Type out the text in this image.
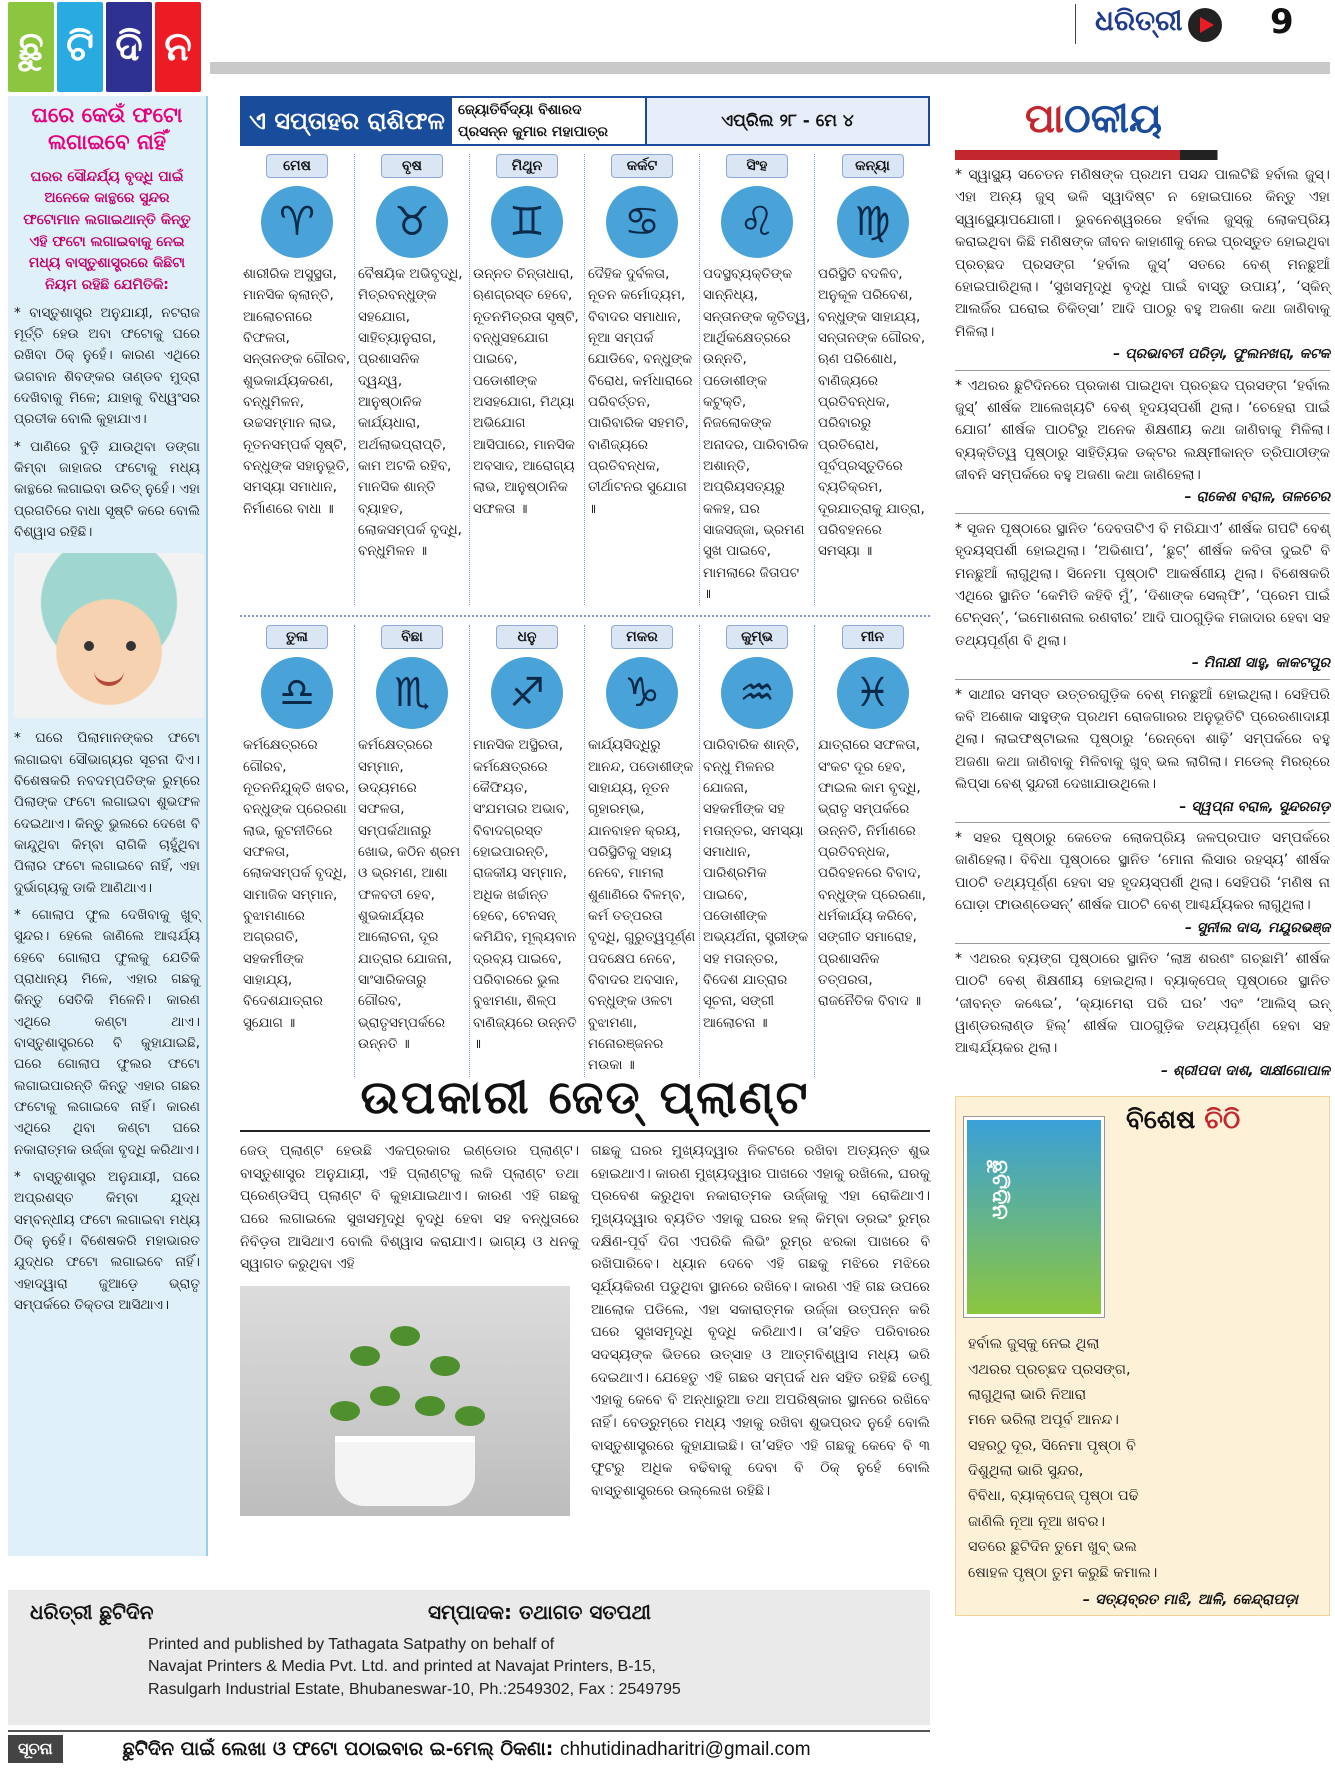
ଛୁ ଟି ଦି ନ
ଧରିତ୍ରୀ	9
ଘରେ କେଉଁ ଫଟୋ ଲଗାଇବେ ନାହିଁ
ଘରର ସୌନ୍ଦର୍ଯ୍ୟ ବୃଦ୍ଧି ପାଇଁ ଅନେକେ କାନ୍ଥରେ ସୁନ୍ଦର ଫଟୋମାନ ଲଗାଇଥାନ୍ତି କିନ୍ତୁ ଏହି ଫଟୋ ଲଗାଇବାକୁ ନେଇ ମଧ୍ୟ ବାସ୍ତୁଶାସ୍ତ୍ରରେ କିଛିଟା ନିୟମ ରହିଛି ଯେମିତିକି:

* ବାସ୍ତୁଶାସ୍ତ୍ର ଅନୁଯାୟୀ, ନଟରାଜ ମୂର୍ତ୍ତି ହେଉ ଅବା ଫଟୋକୁ ଘରେ ରଖିବା ଠିକ୍ ନୁହେଁ। କାରଣ ଏଥିରେ ଭଗବାନ ଶିବଙ୍କର ତାଣ୍ଡବ ମୁଦ୍ରା ଦେଖିବାକୁ ମିଳେ; ଯାହାକୁ ବିଧ୍ୱଂସର ପ୍ରତୀକ ବୋଲି କୁହାଯାଏ।

* ପାଣିରେ ବୁଡ଼ି ଯାଉଥିବା ଡଙ୍ଗା କିମ୍ବା ଜାହାଜର ଫଟୋକୁ ମଧ୍ୟ କାନ୍ଥରେ ଲଗାଇବା ଉଚିତ୍ ନୁହେଁ। ଏହା ପ୍ରଗତିରେ ବାଧା ସୃଷ୍ଟି କରେ ବୋଲି ବିଶ୍ୱାସ ରହିଛି।

* ଘରେ ପିଲାମାନଙ୍କର ଫଟୋ ଲଗାଇବା ସୌଭାଗ୍ୟର ସୂଚନା ଦିଏ। ବିଶେଷକରି ନବଦମ୍ପତିଙ୍କ ରୁମ୍‌ରେ ପିଲାଙ୍କ ଫଟୋ ଲଗାଇବା ଶୁଭଫଳ ଦେଇଥାଏ। କିନ୍ତୁ ଭୁଲରେ ଦେଖେ ବି କାନ୍ଦୁଥିବା କିମ୍ବା ରାଗିକି ଚାହୁଁଥିବା ପିଲାର ଫଟୋ ଲଗାଇବେ ନାହିଁ, ଏହା ଦୁର୍ଭାଗ୍ୟକୁ ଡାକି ଆଣିଥାଏ।

* ଗୋଲାପ ଫୁଲ ଦେଖିବାକୁ ଖୁବ୍ ସୁନ୍ଦର। ହେଲେ ଜାଣିଲେ ଆଶ୍ଚର୍ଯ୍ୟ ହେବେ ଗୋଲାପ ଫୁଲକୁ ଯେତିକି ପ୍ରାଧାନ୍ୟ ମିଳେ, ଏହାର ଗଛକୁ କିନ୍ତୁ ସେତିକି ମିଳେନି। କାରଣ ଏଥିରେ କଣ୍ଟା ଥାଏ। ବାସ୍ତୁଶାସ୍ତ୍ରରେ ବି କୁହାଯାଇଛି, ଘରେ ଗୋଲାପ ଫୁଲର ଫଟୋ ଲଗାଇପାରନ୍ତି କିନ୍ତୁ ଏହାର ଗଛର ଫଟୋକୁ ଲଗାଇବେ ନାହିଁ। କାରଣ ଏଥିରେ ଥିବା କଣ୍ଟା ଘରେ ନକାରାତ୍ମକ ଉର୍ଜ୍ଜା ବୃଦ୍ଧି କରିଥାଏ।

* ବାସ୍ତୁଶାସ୍ତ୍ର ଅନୁଯାୟୀ, ଘରେ ଅପ୍ରଶସ୍ତ କିମ୍ବା ଯୁଦ୍ଧ ସମ୍ବନ୍ଧୀୟ ଫଟୋ ଲଗାଇବା ମଧ୍ୟ ଠିକ୍ ନୁହେଁ। ବିଶେଷକରି ମହାଭାରତ ଯୁଦ୍ଧର ଫଟୋ ଲଗାଇବେ ନାହିଁ। ଏହାଦ୍ୱାରା ଜୁଆଡ଼େ ଭ୍ରାତୃ ସମ୍ପର୍କରେ ତିକ୍ତତା ଆସିଥାଏ।

ଏ ସପ୍ତାହର ରାଶିଫଳ ଜ୍ୟୋତିର୍ବିଦ୍ୟା ବିଶାରଦ
ପ୍ରସନ୍ନ କୁମାର ମହାପାତ୍ର
ଏପ୍ରିଲ ୨୮ - ମେ ୪
ମେଷ
♈
ଶାରୀରିକ ଅସୁସ୍ଥତା, ମାନସିକ କ୍ଲାନ୍ତି, ଆଲୋଚନାରେ ବିଫଳତା, ସନ୍ତାନଙ୍କ ଗୌରବ, ଶୁଭକାର୍ଯ୍ୟକରଣ, ବନ୍ଧୁମିଳନ, ଉଚ୍ଚସମ୍ମାନ ଲାଭ, ନୂତନସମ୍ପର୍କ ସୃଷ୍ଟି, ବନ୍ଧୁଙ୍କ ସହାନୁଭୂତି, ସମସ୍ୟା ସମାଧାନ, ନିର୍ମାଣରେ ବାଧା ॥
ବୃଷ
♉
ବୈଷୟିକ ଅଭିବୃଦ୍ଧି, ମିତ୍ରବନ୍ଧୁଙ୍କ ସହଯୋଗ, ସାହିତ୍ୟାନୁରାଗ, ପ୍ରଶାସନିକ ଦ୍ୱନ୍ଦ୍ୱ, ଆନୁଷ୍ଠାନିକ କାର୍ଯ୍ୟଧାରା, ଅର୍ଥଲାଭପ୍ରାପ୍ତି, କାମ ଅଟକି ରହିବ, ମାନସିକ ଶାନ୍ତି ବ୍ୟାହତ, ଲୋକସମ୍ପର୍କ ବୃଦ୍ଧି, ବନ୍ଧୁମିଳନ ॥
ମିଥୁନ
♊
ଉନ୍ନତ ଚିନ୍ତାଧାରା, ଋଣଗ୍ରସ୍ତ ହେବେ, ନୂତନମିତ୍ରତା ସୃଷ୍ଟି, ବନ୍ଧୁସହଯୋଗ ପାଇବେ, ପଡୋଶୀଙ୍କ ଅସହଯୋଗ, ମିଥ୍ୟା ଅଭିଯୋଗ ଆସିପାରେ, ମାନସିକ ଅବସାଦ, ଆରୋଗ୍ୟ ଲାଭ, ଆନୁଷ୍ଠାନିକ ସଫଳତା ॥
କର୍କଟ
♋
ଦୈହିକ ଦୁର୍ବଳତା, ନୂତନ କର୍ମୋଦ୍ୟମ, ବିବାଦର ସମାଧାନ, ନୂଆ ସମ୍ପର୍କ ଯୋଡିବେ, ବନ୍ଧୁଙ୍କ ବିରୋଧ, କର୍ମଧାରାରେ ପରିବର୍ତ୍ତନ, ପାରିବାରିକ ସହମତି, ବାଣିଜ୍ୟରେ ପ୍ରତିବନ୍ଧକ, ତୀର୍ଥାଟନର ସୁଯୋଗ ॥
ସିଂହ
♌
ପଦସ୍ଥବ୍ୟକ୍ତିଙ୍କ ସାନ୍ନିଧ୍ୟ, ସନ୍ତାନଙ୍କ କୃତିତ୍ୱ, ଆର୍ଥିକକ୍ଷେତ୍ରରେ ଉନ୍ନତି, ପଡୋଶୀଙ୍କ କଟୁକ୍ତି, ନିଜଲୋକଙ୍କ ଅନାଦର, ପାରିବାରିକ ଅଶାନ୍ତି, ଅପ୍ରିୟସତ୍ୟରୁ କଳହ, ଘର ସାଜସଜ୍ଜା, ଭ୍ରମଣ ସୁଖ ପାଇବେ, ମାମଲାରେ ଜିତାପଟ ॥
କନ୍ୟା
♍
ପରିସ୍ଥିତି ବଦଳିବ, ଅନୁକୂଳ ପରିବେଶ, ବନ୍ଧୁଙ୍କ ସାହାଯ୍ୟ, ସନ୍ତାନଙ୍କ ଗୌରବ, ଋଣ ପରିଶୋଧ, ବାଣିଜ୍ୟରେ ପ୍ରତିବନ୍ଧକ, ପରିବାରରୁ ପ୍ରତିରୋଧ, ପୂର୍ବପ୍ରସ୍ତୁତିରେ ବ୍ୟତିକ୍ରମ, ଦୂରଯାତ୍ରାକୁ ଯାତ୍ରା, ପରିବହନରେ ସମସ୍ୟା ॥
ତୁଳା
♎
କର୍ମକ୍ଷେତ୍ରରେ ଗୌରବ, ନୂତନନିଯୁକ୍ତି ଖବର, ବନ୍ଧୁଙ୍କ ପ୍ରେରଣା ଲାଭ, କୁଟନୀତିରେ ସଫଳତା, ଲୋକସମ୍ପର୍କ ବୃଦ୍ଧି, ସାମାଜିକ ସମ୍ମାନ, ବୁଝାମଣାରେ ଅଗ୍ରଗତି, ସହକର୍ମୀଙ୍କ ସାହାଯ୍ୟ, ବିଦେଶଯାତ୍ରାର ସୁଯୋଗ ॥
ବିଛା
♏
କର୍ମକ୍ଷେତ୍ରରେ ସମ୍ମାନ, ଉଦ୍ୟମରେ ସଫଳତା, ସମ୍ପର୍କଥାନାରୁ ଖୋଭ, କଠିନ ଶ୍ରମ ଓ ଭ୍ରମଣ, ଆଶା ଫଳବତୀ ହେବ, ଶୁଭକାର୍ଯ୍ୟର ଆଲୋଚନା, ଦୂର ଯାତ୍ରାର ଯୋଜନା, ସାଂସାରିକତାରୁ ଗୌରବ, ଭ୍ରାତୃସମ୍ପର୍କରେ ଉନ୍ନତି ॥
ଧନୁ
♐
ମାନସିକ ଅସ୍ଥିରତା, କର୍ମକ୍ଷେତ୍ରରେ କୈଫିୟତ, ସଂଯମତାର ଅଭାବ, ବିବାଦଗ୍ରସ୍ତ ହୋଇପାରନ୍ତି, ରାଜକୀୟ ସମ୍ମାନ, ଅଧିକ ଖର୍ଚ୍ଚାନ୍ତ ହେବେ, ଟେନସନ୍ କମିଯିବ, ମୂଲ୍ୟବାନ ଦ୍ରବ୍ୟ ପାଇବେ, ପରିବାରରେ ଭୁଲ ବୁଝାମଣା, ଶିଳ୍ପ ବାଣିଜ୍ୟରେ ଉନ୍ନତି ॥
ମକର
♑
କାର୍ଯ୍ୟସିଦ୍ଧିରୁ ଆନନ୍ଦ, ପଡୋଶୀଙ୍କ ସାହାଯ୍ୟ, ନୂତନ ଗୃହାରମ୍ଭ, ଯାନବାହନ କ୍ରୟ, ପରିସ୍ଥିତିକୁ ସହାୟ ନେବେ, ମାମଲା ଶୁଣାଣିରେ ବିଳମ୍ବ, କର୍ମ ତତ୍ପରତା ବୃଦ୍ଧି, ଗୁରୁତ୍ୱପୂର୍ଣ୍ଣ ପଦକ୍ଷେପ ନେବେ, ବିବାଦର ଅବସାନ, ବନ୍ଧୁଙ୍କ ଓଳଟା ବୁଝାମଣା, ମନୋରଞ୍ଜନର ମଉକା ॥
କୁମ୍ଭ
♒
ପାରିବାରିକ ଶାନ୍ତି, ବନ୍ଧୁ ମିଳନର ଯୋଜନା, ସହକର୍ମୀଙ୍କ ସହ ମତାନ୍ତର, ସମସ୍ୟା ସମାଧାନ, ପାରିଶ୍ରମିକ ପାଇବେ, ପଡୋଶୀଙ୍କ ଅଭ୍ୟର୍ଥନା, ସ୍ତ୍ରୀଙ୍କ ସହ ମତାନ୍ତର, ବିଦେଶ ଯାତ୍ରାର ସୂଚନା, ସଙ୍ଗୀ ଆଲୋଚନା ॥
ମୀନ
♓
ଯାତ୍ରାରେ ସଫଳତା, ସଂକଟ ଦୂର ହେବ, ଫାଇଲ କାମ ବୃଦ୍ଧି, ଭ୍ରାତୃ ସମ୍ପର୍କରେ ଉନ୍ନତି, ନିର୍ମାଣରେ ପ୍ରତିବନ୍ଧକ, ପରିବହନରେ ବିବାଦ, ବନ୍ଧୁଙ୍କ ପ୍ରେରଣା, ଧର୍ମକାର୍ଯ୍ୟ କରିବେ, ସଙ୍ଗୀତ ସମାରୋହ, ପ୍ରଶାସନିକ ତତ୍ପରତା, ରାଜନୈତିକ ବିବାଦ ॥
ଉପକାରୀ ଜେଡ୍ ପ୍ଲାଣ୍ଟ

ଜେଡ୍ ପ୍ଲାଣ୍ଟ ହେଉଛି ଏକପ୍ରକାର ଇଣ୍ଡୋର ପ୍ଲାଣ୍ଟ। ବାସ୍ତୁଶାସ୍ତ୍ର ଅନୁଯାୟୀ, ଏହି ପ୍ଲାଣ୍ଟକୁ ଲକି ପ୍ଲାଣ୍ଟ ତଥା ପ୍ରେଣ୍ଡସିପ୍ ପ୍ଲାଣ୍ଟ ବି କୁହାଯାଇଥାଏ। କାରଣ ଏହି ଗଛକୁ ଘରେ ଲଗାଇଲେ ସୁଖସମୃଦ୍ଧି ବୃଦ୍ଧି ହେବା ସହ ବନ୍ଧୁତାରେ ନିବିଡ଼ତା ଆସିଥାଏ ବୋଲି ବିଶ୍ୱାସ କରାଯାଏ। ଭାଗ୍ୟ ଓ ଧନକୁ ସ୍ୱାଗତ କରୁଥିବା ଏହି

ଗଛକୁ ଘରର ମୁଖ୍ୟଦ୍ୱାର ନିକଟରେ ରଖିବା ଅତ୍ୟନ୍ତ ଶୁଭ ହୋଇଥାଏ। କାରଣ ମୁଖ୍ୟଦ୍ୱାର ପାଖରେ ଏହାକୁ ରଖିଲେ, ଘରକୁ ପ୍ରବେଶ କରୁଥିବା ନକାରାତ୍ମକ ଉର୍ଜ୍ଜାକୁ ଏହା ରୋକିଥାଏ। ମୁଖ୍ୟଦ୍ୱାର ବ୍ୟତିତ ଏହାକୁ ଘରର ହଲ୍ କିମ୍ବା ଡ୍ରଇଂ ରୁମ୍‌ର ଦକ୍ଷିଣ-ପୂର୍ବ ଦିଗ ଏପରିକି ଲିଭିଂ ରୁମ୍‌ର ଝରକା ପାଖରେ ବି ରଖିପାରିବେ। ଧ୍ୟାନ ଦେବେ ଏହି ଗଛକୁ ମଝିରେ ମଝିରେ ସୂର୍ଯ୍ୟକିରଣ ପଡୁଥିବା ସ୍ଥାନରେ ରଖିବେ। କାରଣ ଏହି ଗଛ ଉପରେ ଆଲୋକ ପଡିଲେ, ଏହା ସକାରାତ୍ମକ ଉର୍ଜ୍ଜା ଉତ୍ପନ୍ନ କରି ଘରେ ସୁଖସମୃଦ୍ଧି ବୃଦ୍ଧି କରିଥାଏ। ତା’ସହିତ ପରିବାରର ସଦସ୍ୟଙ୍କ ଭିତରେ ଉତ୍ସାହ ଓ ଆତ୍ମବିଶ୍ୱାସ ମଧ୍ୟ ଭରି ଦେଇଥାଏ। ଯେହେତୁ ଏହି ଗଛର ସମ୍ପର୍କ ଧନ ସହିତ ରହିଛି ତେଣୁ ଏହାକୁ କେବେ ବି ଅନ୍ଧାରୁଆ ତଥା ଅପରିଷ୍କାର ସ୍ଥାନରେ ରଖିବେ ନାହିଁ। ବେଡ୍‌ରୁମ୍‌ରେ ମଧ୍ୟ ଏହାକୁ ରଖିବା ଶୁଭପ୍ରଦ ନୁହେଁ ବୋଲି ବାସ୍ତୁଶାସ୍ତ୍ରରେ କୁହାଯାଇଛି। ତା’ସହିତ ଏହି ଗଛକୁ କେବେ ବି ୩ ଫୁଟରୁ ଅଧିକ ବଢିବାକୁ ଦେବା ବି ଠିକ୍ ନୁହେଁ ବୋଲି ବାସ୍ତୁଶାସ୍ତ୍ରରେ ଉଲ୍ଲେଖ ରହିଛି।

ପାଠକୀୟ
* ସ୍ୱାସ୍ଥ୍ୟ ସଚେତନ ମଣିଷଙ୍କ ପ୍ରଥମ ପସନ୍ଦ ପାଲଟିଛି ହର୍ବାଲ ଜୁସ୍। ଏହା ଅନ୍ୟ ଜୁସ୍ ଭଳି ସ୍ୱାଦିଷ୍ଟ ନ ହୋଇପାରେ କିନ୍ତୁ ଏହା ସ୍ୱାସ୍ଥ୍ୟୋପଯୋଗୀ। ଭୁବନେଶ୍ୱରରେ ହର୍ବାଲ ଜୁସ୍‌କୁ ଲୋକପ୍ରିୟ କରାଇଥିବା କିଛି ମଣିଷଙ୍କ ଜୀବନ କାହାଣୀକୁ ନେଇ ପ୍ରସ୍ତୁତ ହୋଇଥିବା ପ୍ରଚ୍ଛଦ ପ୍ରସଙ୍ଗ ‘ହର୍ବାଲ ଜୁସ୍’ ସତରେ ବେଶ୍ ମନଛୁଆଁ ହୋଇପାରିଥିଲା। ‘ସୁଖସମୃଦ୍ଧି ବୃଦ୍ଧି ପାଇଁ ବାସ୍ତୁ ଉପାୟ’, ‘ସ୍କିନ୍ ଆଲର୍ଜିର ଘରୋଇ ଚିକିତ୍ସା’ ଆଦି ପାଠରୁ ବହୁ ଅଜଣା କଥା ଜାଣିବାକୁ ମିଳିଲା।
– ପ୍ରଭାବତୀ ପରିଡ଼ା, ଫୁଲନଖରା, କଟକ
* ଏଥରର ଛୁଟିଦିନରେ ପ୍ରକାଶ ପାଇଥିବା ପ୍ରଚ୍ଛଦ ପ୍ରସଙ୍ଗ ‘ହର୍ବାଲ ଜୁସ୍’ ଶୀର୍ଷକ ଆଲେଖ୍ୟଟି ବେଶ୍ ହୃଦୟସ୍ପର୍ଶୀ ଥିଲା। ‘ଚେହେରା ପାଇଁ ଯୋଗ’ ଶୀର୍ଷକ ପାଠଟିରୁ ଅନେକ ଶିକ୍ଷଣୀୟ କଥା ଜାଣିବାକୁ ମିଳିଲା। ବ୍ୟକ୍ତିତ୍ୱ ପୃଷ୍ଠାରୁ ସାହିତ୍ୟିକ ଡକ୍ଟର ଲକ୍ଷ୍ମୀକାନ୍ତ ତ୍ରିପାଠୀଙ୍କ ଜୀବନି ସମ୍ପର୍କରେ ବହୁ ଅଜଣା କଥା ଜାଣିହେଲା।
– ରାକେଶ ବରାଳ, ତାଳଚେର
* ସୃଜନ ପୃଷ୍ଠାରେ ସ୍ଥାନିତ ‘ଦେବତାଟିଏ ବି ମରିଯାଏ’ ଶୀର୍ଷକ ଗପଟି ବେଶ୍ ହୃଦୟସ୍ପର୍ଶୀ ହୋଇଥିଲା। ‘ଅଭିଶାପ’, ‘ଛୁଟ୍’ ଶୀର୍ଷକ କବିତା ଦୁଇଟି ବି ମନଛୁଆଁ ଲାଗୁଥିଲା। ସିନେମା ପୃଷ୍ଠାଟି ଆକର୍ଷଣୀୟ ଥିଲା। ବିଶେଷକରି ଏଥିରେ ସ୍ଥାନିତ ‘କେମିତି କହିବି ମୁଁ’, ‘ଦିଶାଙ୍କ ସେଲ୍ଫି’, ‘ପ୍ରେମ ପାଇଁ ଟେନ୍‌ସନ୍’, ‘ଇମୋଶନାଲ ରଣବୀର’ ଆଦି ପାଠଗୁଡ଼ିକ ମଜାଦାର ହେବା ସହ ତଥ୍ୟପୂର୍ଣ୍ଣ ବି ଥିଲା।
– ମିନାକ୍ଷୀ ସାହୁ, କାକଟପୁର
* ସାଥୀର ସମସ୍ତ ଉତ୍ତରଗୁଡ଼ିକ ବେଶ୍ ମନଛୁଆଁ ହୋଇଥିଲା। ସେହିପରି କବି ଅଶୋକ ସାହୁଙ୍କ ପ୍ରଥମ ରୋଜଗାରର ଅନୁଭୂତିଟି ପ୍ରେରଣାଦାୟୀ ଥିଲା। ଲାଇଫଷ୍ଟାଇଲ ପୃଷ୍ଠାରୁ ‘ରେନ୍‌ବୋ ଶାଢ଼ି’ ସମ୍ପର୍କରେ ବହୁ ଅଜଣା କଥା ଜାଣିବାକୁ ମିଳିବାକୁ ଖୁବ୍ ଭଲ ଲାଗିଲା। ମଡେଲ୍ ମିରର୍‌ରେ ଲିପ୍ସା ବେଶ୍ ସୁନ୍ଦରୀ ଦେଖାଯାଉଥିଲେ।
– ସ୍ୱପ୍ନା ବରାଳ, ସୁନ୍ଦରଗଡ଼
* ସହର ପୃଷ୍ଠାରୁ କେତେକ ଲୋକପ୍ରିୟ ଜଳପ୍ରପାତ ସମ୍ପର୍କରେ ଜାଣିହେଲା। ବିବିଧା ପୃଷ୍ଠାରେ ସ୍ଥାନିତ ‘ମୋନା ଲିସାର ରହସ୍ୟ’ ଶୀର୍ଷକ ପାଠଟି ତଥ୍ୟପୂର୍ଣ୍ଣ ହେବା ସହ ହୃଦୟସ୍ପର୍ଶୀ ଥିଲା। ସେହିପରି ‘ମଣିଷ ନା ଘୋଡ଼ା ଫାଉଣ୍ଡେସନ୍’ ଶୀର୍ଷକ ପାଠଟି ବେଶ୍ ଆଶ୍ଚର୍ଯ୍ୟକର ଲାଗୁଥିଲା।
– ସୁନୀଲ ଦାସ, ମୟୂରଭଞ୍ଜ
* ଏଥରର ବ୍ୟଙ୍ଗ ପୃଷ୍ଠାରେ ସ୍ଥାନିତ ‘ଲାଞ୍ଚ ଶରଣଂ ଗଚ୍ଛାମି’ ଶୀର୍ଷକ ପାଠଟି ବେଶ୍ ଶିକ୍ଷଣୀୟ ହୋଇଥିଲା। ବ୍ୟାକ୍‌ପେଜ୍ ପୃଷ୍ଠାରେ ସ୍ଥାନିତ ‘ଜୀବନ୍ତ କଣ୍ଢେଇ’, ‘କ୍ୟାମେରା ପରି ଘର’ ଏବଂ ‘ଆଲିସ୍ ଇନ୍ ୱାଣ୍ଡରଲାଣ୍ଡ ହିଲ୍’ ଶୀର୍ଷକ ପାଠଗୁଡ଼ିକ ତଥ୍ୟପୂର୍ଣ୍ଣ ହେବା ସହ ଆଶ୍ଚର୍ଯ୍ୟକର ଥିଲା।
– ଶ୍ରୀପଦା ଦାଶ, ସାକ୍ଷୀଗୋପାଳ
ଛୁଟିଦିନ
ବିଶେଷ ଚିଠି
ହର୍ବାଲ ଜୁସ୍‌କୁ ନେଇ ଥିଲା
ଏଥରର ପ୍ରଚ୍ଛଦ ପ୍ରସଙ୍ଗ,
ଲାଗୁଥିଲା ଭାରି ନିଆରା
ମନେ ଭରିଲା ଅପୂର୍ବ ଆନନ୍ଦ।
ସହରଠୁ ଦୂର, ସିନେମା ପୃଷ୍ଠା ବି
ଦିଶୁଥିଲା ଭାରି ସୁନ୍ଦର,
ବିବିଧା, ବ୍ୟାକ୍‌ପେଜ୍ ପୃଷ୍ଠା ପଢି
ଜାଣିଲି ନୂଆ ନୂଆ ଖବର।
ସତରେ ଛୁଟିଦିନ ତୁମେ ଖୁବ୍ ଭଲ
ଷୋହଳ ପୃଷ୍ଠା ତୁମ କରୁଛି କମାଲ।
– ସତ୍ୟବ୍ରତ ମାଝି, ଆଳି, କେନ୍ଦ୍ରାପଡ଼ା
ଧରିତ୍ରୀ ଛୁଟିଦିନ	ସମ୍ପାଦକ: ତଥାଗତ ସତପଥୀ
Printed and published by Tathagata Satpathy on behalf of
Navajat Printers & Media Pvt. Ltd. and printed at Navajat Printers, B-15,
Rasulgarh Industrial Estate, Bhubaneswar-10, Ph.:2549302, Fax : 2549795
ସୂଚନା	ଛୁଟିଦିନ ପାଇଁ ଲେଖା ଓ ଫଟୋ ପଠାଇବାର ଇ-ମେଲ୍ ଠିକଣା: chhutidinadharitri@gmail.com
